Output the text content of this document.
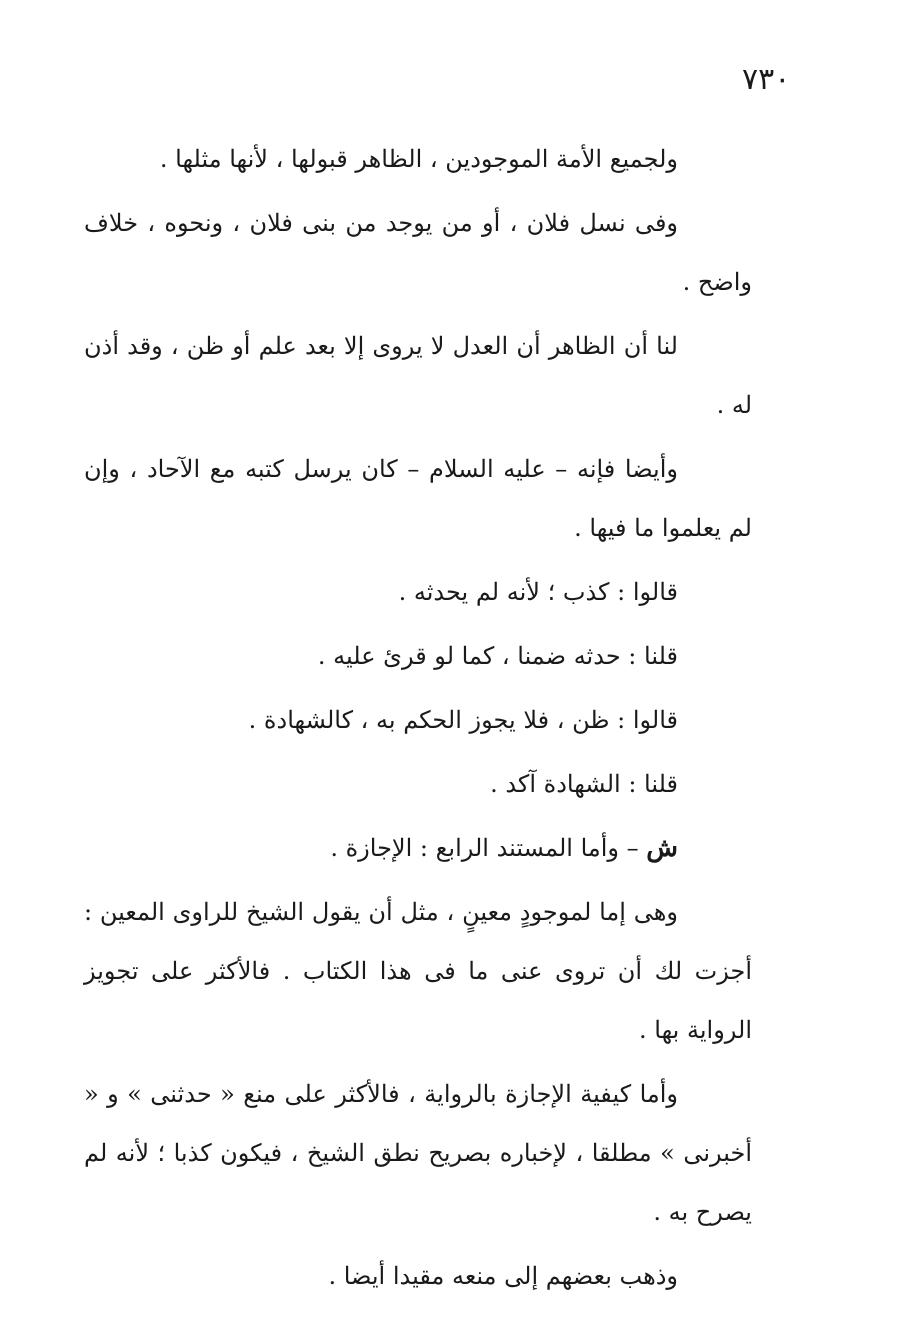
٧٣٠

ولجميع الأمة الموجودين ، الظاهر قبولها ، لأنها مثلها .

وفى نسل فلان ، أو من يوجد من بنى فلان ، ونحوه ، خلاف واضح .

لنا أن الظاهر أن العدل لا يروى إلا بعد علم أو ظن ، وقد أذن له .

وأيضا فإنه – عليه السلام – كان يرسل كتبه مع الآحاد ، وإن لم يعلموا ما فيها .

قالوا : كذب ؛ لأنه لم يحدثه .

قلنا : حدثه ضمنا ، كما لو قرئ عليه .

قالوا : ظن ، فلا يجوز الحكم به ، كالشهادة .

قلنا : الشهادة آكد .

ش – وأما المستند الرابع : الإجازة .

وهى إما لموجودٍ معينٍ ، مثل أن يقول الشيخ للراوى المعين : أجزت لك أن تروى عنى ما فى هذا الكتاب . فالأكثر على تجويز الرواية بها .

وأما كيفية الإجازة بالرواية ، فالأكثر على منع « حدثنى » و « أخبرنى » مطلقا ، لإخباره بصريح نطق الشيخ ، فيكون كذبا ؛ لأنه لم يصرح به .

وذهب بعضهم إلى منعه مقيدا أيضا .
